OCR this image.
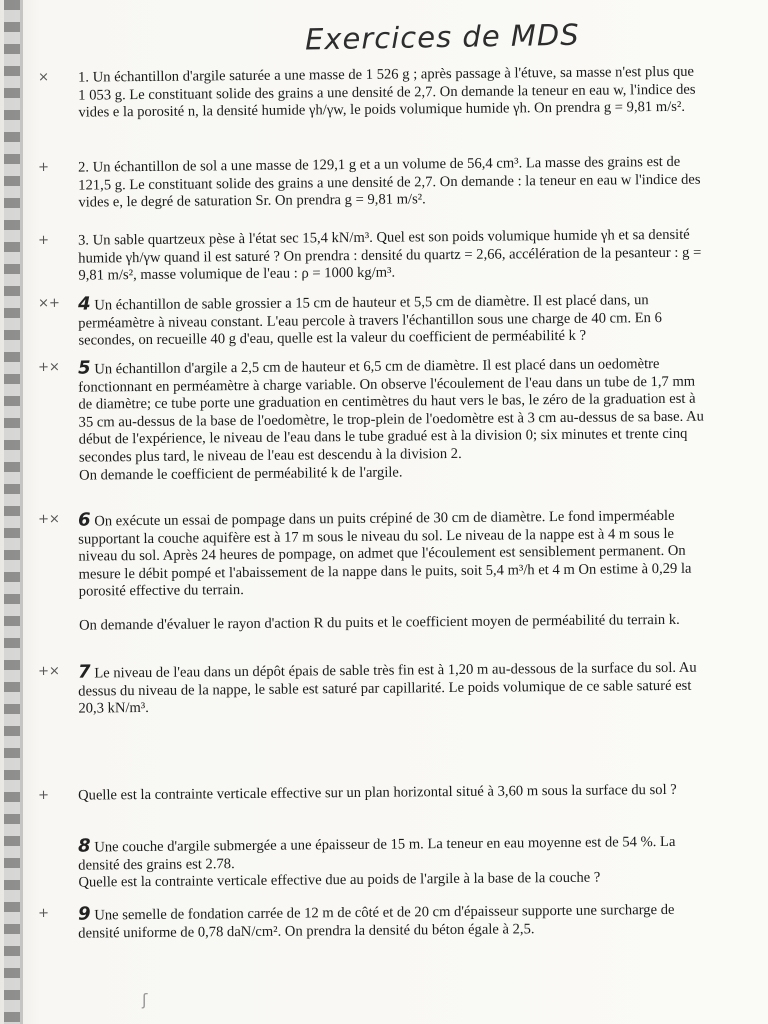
Exercices de MDS
×	1. Un échantillon d'argile saturée a une masse de 1 526 g ; après passage à l'étuve, sa masse n'est plus que 1 053 g. Le constituant solide des grains a une densité de 2,7. On demande la teneur en eau w, l'indice des vides e la porosité n, la densité humide γh/γw, le poids volumique humide γh. On prendra g = 9,81 m/s².
+	2. Un échantillon de sol a une masse de 129,1 g et a un volume de 56,4 cm³. La masse des grains est de 121,5 g. Le constituant solide des grains a une densité de 2,7. On demande : la teneur en eau w l'indice des vides e, le degré de saturation Sr. On prendra g = 9,81 m/s².
+	3. Un sable quartzeux pèse à l'état sec 15,4 kN/m³. Quel est son poids volumique humide γh et sa densité humide γh/γw quand il est saturé ? On prendra : densité du quartz = 2,66, accélération de la pesanteur : g = 9,81 m/s², masse volumique de l'eau : ρ = 1000 kg/m³.
×+	4 Un échantillon de sable grossier a 15 cm de hauteur et 5,5 cm de diamètre. Il est placé dans, un perméamètre à niveau constant. L'eau percole à travers l'échantillon sous une charge de 40 cm. En 6 secondes, on recueille 40 g d'eau, quelle est la valeur du coefficient de perméabilité k ?
+×	5 Un échantillon d'argile a 2,5 cm de hauteur et 6,5 cm de diamètre. Il est placé dans un oedomètre fonctionnant en perméamètre à charge variable. On observe l'écoulement de l'eau dans un tube de 1,7 mm de diamètre; ce tube porte une graduation en centimètres du haut vers le bas, le zéro de la graduation est à 35 cm au-dessus de la base de l'oedomètre, le trop-plein de l'oedomètre est à 3 cm au-dessus de sa base. Au début de l'expérience, le niveau de l'eau dans le tube gradué est à la division 0; six minutes et trente cinq secondes plus tard, le niveau de l'eau est descendu à la division 2.
On demande le coefficient de perméabilité k de l'argile.
+×	6 On exécute un essai de pompage dans un puits crépiné de 30 cm de diamètre. Le fond imperméable supportant la couche aquifère est à 17 m sous le niveau du sol. Le niveau de la nappe est à 4 m sous le niveau du sol. Après 24 heures de pompage, on admet que l'écoulement est sensiblement permanent. On mesure le débit pompé et l'abaissement de la nappe dans le puits, soit 5,4 m³/h et 4 m On estime à 0,29 la porosité effective du terrain.
On demande d'évaluer le rayon d'action R du puits et le coefficient moyen de perméabilité du terrain k.
+×	7 Le niveau de l'eau dans un dépôt épais de sable très fin est à 1,20 m au-dessous de la surface du sol. Au dessus du niveau de la nappe, le sable est saturé par capillarité. Le poids volumique de ce sable saturé est 20,3 kN/m³.
+	Quelle est la contrainte verticale effective sur un plan horizontal situé à 3,60 m sous la surface du sol ?
8 Une couche d'argile submergée a une épaisseur de 15 m. La teneur en eau moyenne est de 54 %. La densité des grains est 2.78.
Quelle est la contrainte verticale effective due au poids de l'argile à la base de la couche ?
+	9 Une semelle de fondation carrée de 12 m de côté et de 20 cm d'épaisseur supporte une surcharge de densité uniforme de 0,78 daN/cm². On prendra la densité du béton égale à 2,5.
ʃ
